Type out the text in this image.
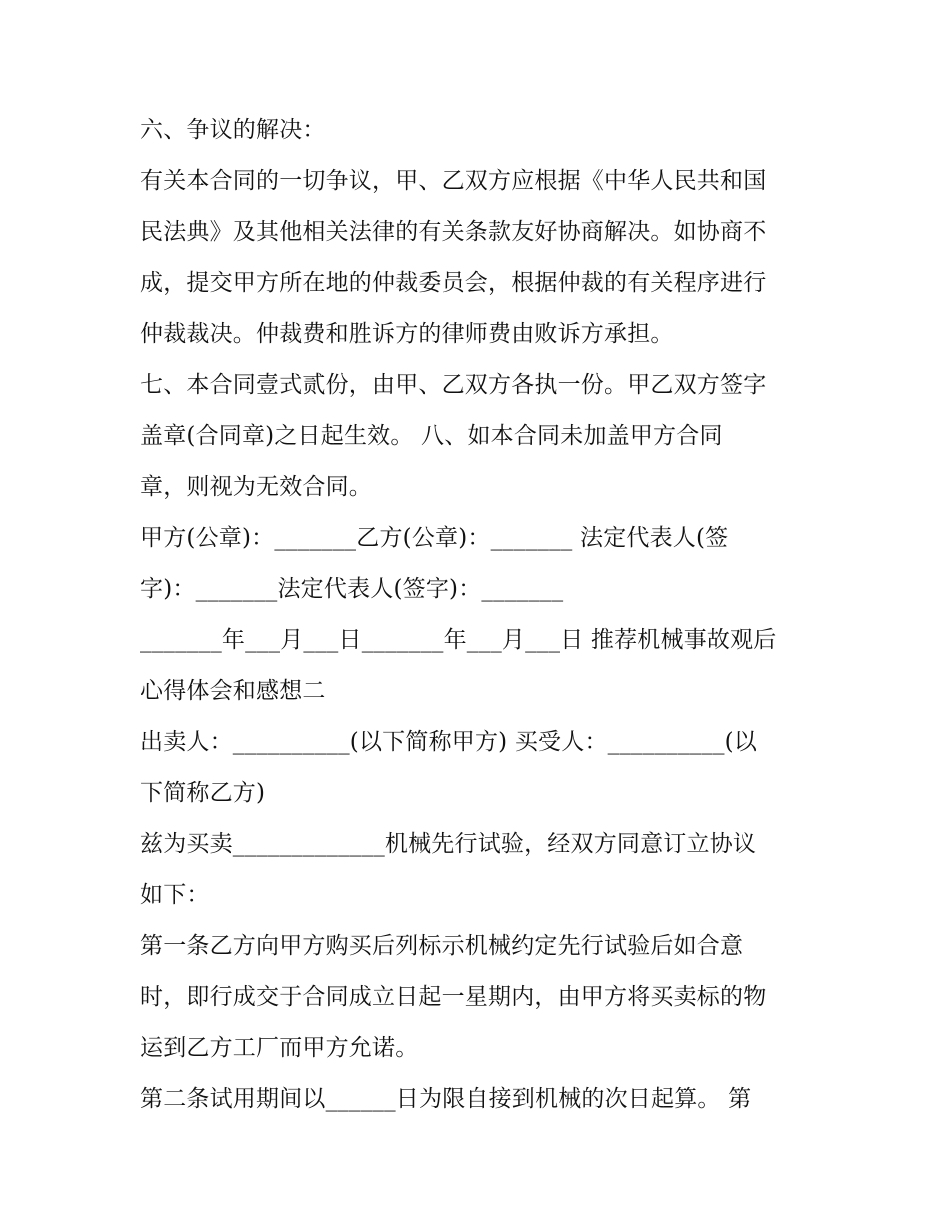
六、争议的解决：
有关本合同的一切争议，甲、乙双方应根据《中华人民共和国
民法典》及其他相关法律的有关条款友好协商解决。如协商不
成，提交甲方所在地的仲裁委员会，根据仲裁的有关程序进行
仲裁裁决。仲裁费和胜诉方的律师费由败诉方承担。
七、本合同壹式贰份，由甲、乙双方各执一份。甲乙双方签字
盖章(合同章)之日起生效。 八、如本合同未加盖甲方合同
章，则视为无效合同。
甲方(公章)：_______乙方(公章)：_______ 法定代表人(签
字)：_______法定代表人(签字)：_______
_______年___月___日_______年___月___日 推荐机械事故观后
心得体会和感想二
出卖人：__________(以下简称甲方) 买受人：__________(以
下简称乙方)
兹为买卖_____________机械先行试验，经双方同意订立协议
如下：
第一条乙方向甲方购买后列标示机械约定先行试验后如合意
时，即行成交于合同成立日起一星期内，由甲方将买卖标的物
运到乙方工厂而甲方允诺。
第二条试用期间以______日为限自接到机械的次日起算。 第
